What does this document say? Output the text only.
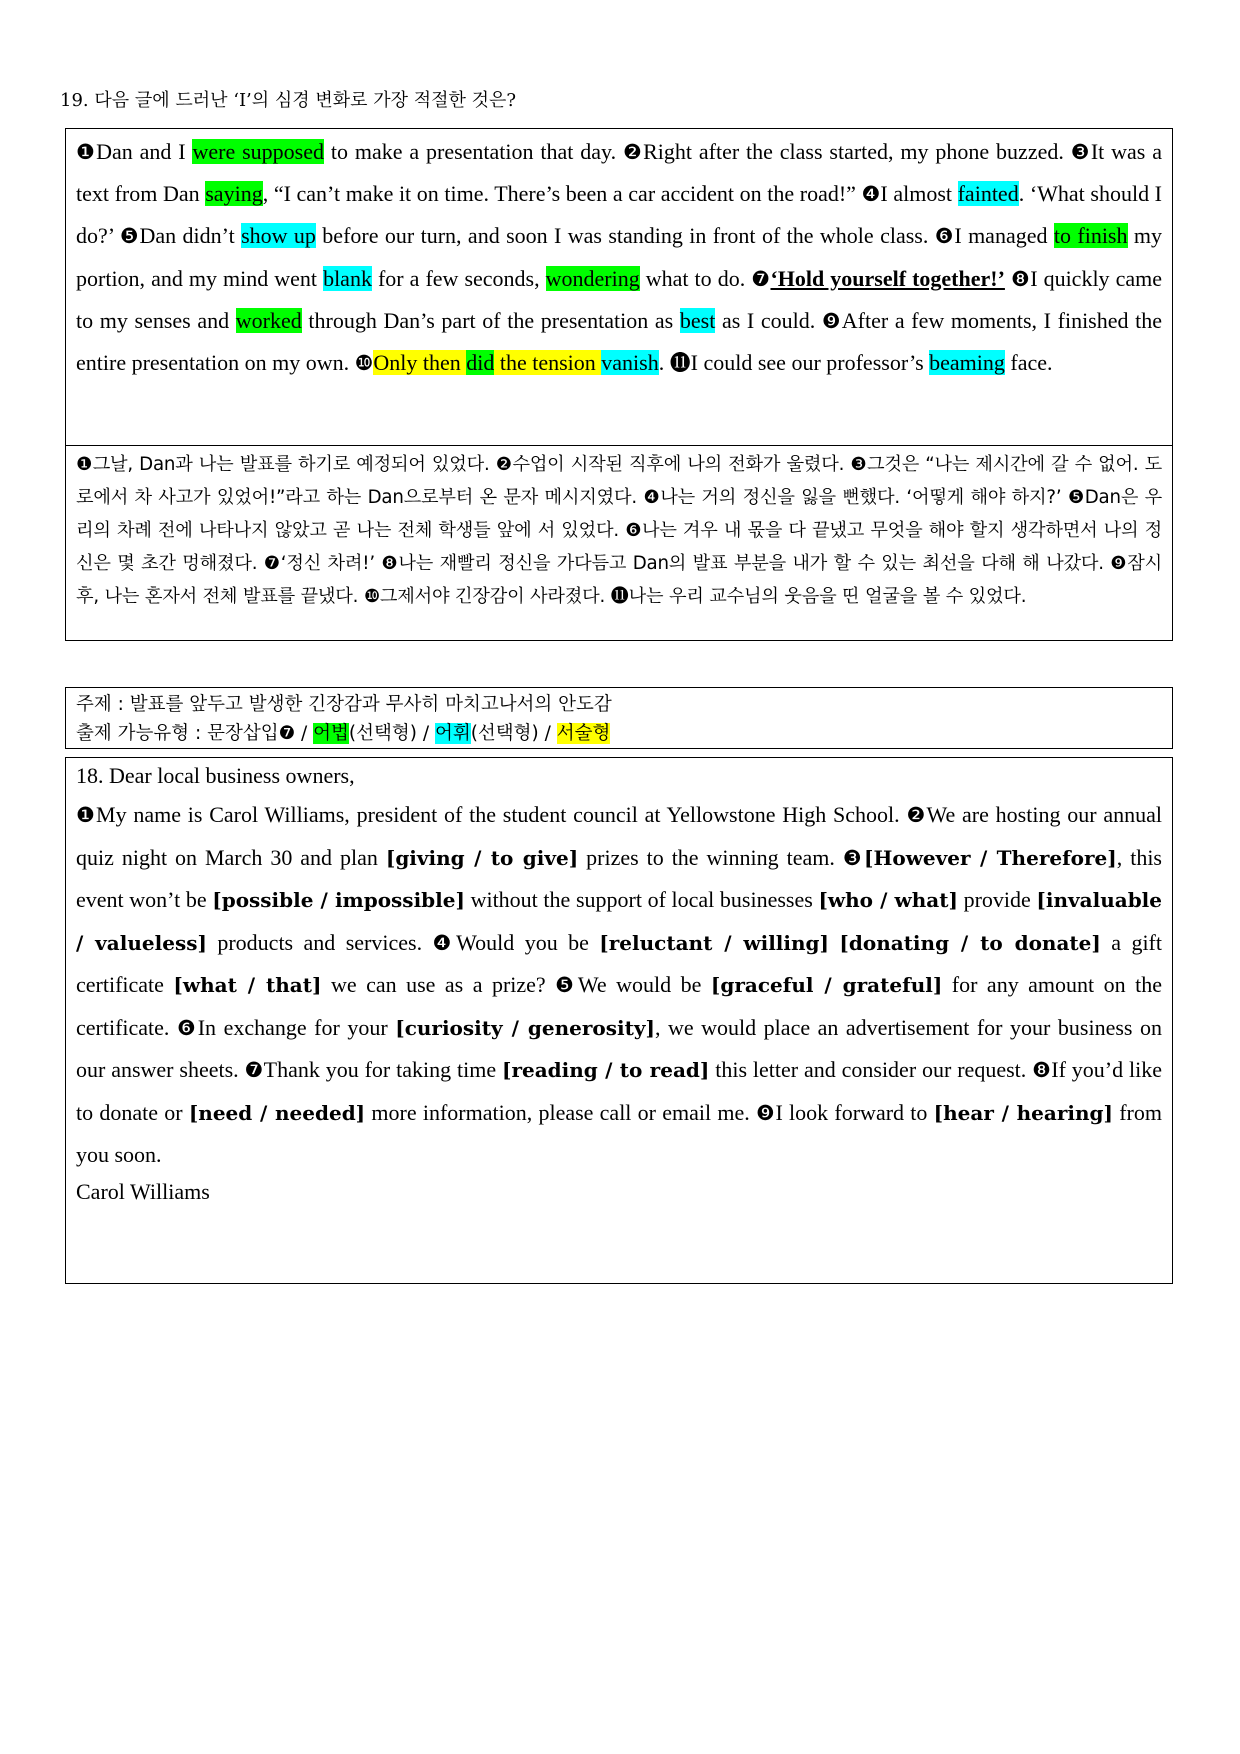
19. 다음 글에 드러난 ‘I’의 심경 변화로 가장 적절한 것은?

❶Dan and I were supposed to make a presentation that day. ❷Right after the class started, my phone buzzed. ❸It was a text from Dan saying, “I can’t make it on time. There’s been a car accident on the road!” ❹I almost fainted. ‘What should I do?’ ❺Dan didn’t show up before our turn, and soon I was standing in front of the whole class. ❻I managed to finish my portion, and my mind went blank for a few seconds, wondering what to do. ❼‘Hold yourself together!’ ❽I quickly came to my senses and worked through Dan’s part of the presentation as best as I could. ❾After a few moments, I finished the entire presentation on my own. ❿Only then did the tension vanish. ⓫I could see our professor’s beaming face.

❶그날, Dan과 나는 발표를 하기로 예정되어 있었다. ❷수업이 시작된 직후에 나의 전화가 울렸다. ❸그것은 “나는 제시간에 갈 수 없어. 도로에서 차 사고가 있었어!”라고 하는 Dan으로부터 온 문자 메시지였다. ❹나는 거의 정신을 잃을 뻔했다. ‘어떻게 해야 하지?’ ❺Dan은 우리의 차례 전에 나타나지 않았고 곧 나는 전체 학생들 앞에 서 있었다. ❻나는 겨우 내 몫을 다 끝냈고 무엇을 해야 할지 생각하면서 나의 정신은 몇 초간 멍해졌다. ❼‘정신 차려!’ ❽나는 재빨리 정신을 가다듬고 Dan의 발표 부분을 내가 할 수 있는 최선을 다해 해 나갔다. ❾잠시 후, 나는 혼자서 전체 발표를 끝냈다. ❿그제서야 긴장감이 사라졌다. ⓫나는 우리 교수님의 웃음을 띤 얼굴을 볼 수 있었다.

주제 : 발표를 앞두고 발생한 긴장감과 무사히 마치고나서의 안도감

출제 가능유형 : 문장삽입❼ / 어법(선택형) / 어휘(선택형) / 서술형

18. Dear local business owners,

❶My name is Carol Williams, president of the student council at Yellowstone High School. ❷We are hosting our annual quiz night on March 30 and plan [giving / to give] prizes to the winning team. ❸[However / Therefore], this event won’t be [possible / impossible] without the support of local businesses [who / what] provide [invaluable / valueless] products and services. ❹Would you be [reluctant / willing] [donating / to donate] a gift certificate [what / that] we can use as a prize? ❺We would be [graceful / grateful] for any amount on the certificate. ❻In exchange for your [curiosity / generosity], we would place an advertisement for your business on our answer sheets. ❼Thank you for taking time [reading / to read] this letter and consider our request. ❽If you’d like to donate or [need / needed] more information, please call or email me. ❾I look forward to [hear / hearing] from you soon.

Carol Williams
